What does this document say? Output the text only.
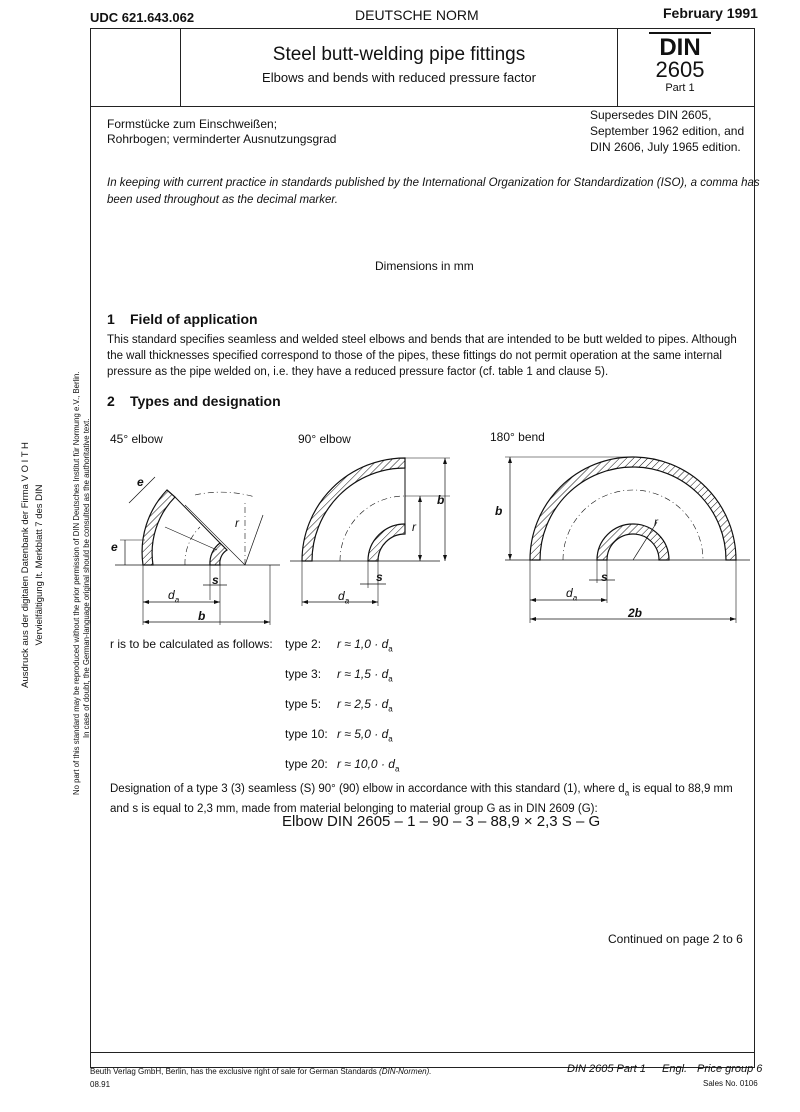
UDC 621.643.062	DEUTSCHE NORM	February 1991
Steel butt-welding pipe fittings
Elbows and bends with reduced pressure factor
DIN
2605
Part 1
Formstücke zum Einschweißen;
Rohrbogen; verminderter Ausnutzungsgrad
Supersedes DIN 2605,
September 1962 edition, and
DIN 2606, July 1965 edition.
In keeping with current practice in standards published by the International Organization for Standardization (ISO), a comma has
been used throughout as the decimal marker.
Dimensions in mm
1 Field of application
This standard specifies seamless and welded steel elbows and bends that are intended to be butt welded to pipes. Although
the wall thicknesses specified correspond to those of the pipes, these fittings do not permit operation at the same internal
pressure as the pipe welded on, i.e. they have a reduced pressure factor (cf. table 1 and clause 5).
2 Types and designation
45° elbow	90° elbow	180° bend
e
e
r
s
$d_a$
b
b
r
s
$d_a$
b
r
s
$d_a$
2b
r is to be calculated as follows: type 2: $r \approx 1,0 \cdot d_a$
type 3: $r \approx 1,5 \cdot d_a$
type 5: $r \approx 2,5 \cdot d_a$
type 10: $r \approx 5,0 \cdot d_a$
type 20: $r \approx 10,0 \cdot d_a$
Designation of a type 3 (3) seamless (S) 90° (90) elbow in accordance with this standard (1), where $d_a$ is equal to 88,9 mm
and s is equal to 2,3 mm, made from material belonging to material group G as in DIN 2609 (G):
Elbow DIN 2605 – 1 – 90 – 3 – 88,9 × 2,3 S – G
Continued on page 2 to 6
Beuth Verlag GmbH, Berlin, has the exclusive right of sale for German Standards (DIN-Normen).
08.91
DIN 2605 Part 1 Engl. Price group 6
Sales No. 0106
Ausdruck aus der digitalen Datenbank der Firma V O I T H Vervielfältigung lt. Merkblatt 7 des DIN	No part of this standard may be reproduced without the prior permission of DIN Deutsches Institut für Normung e.V., Berlin. In case of doubt, the German-language original should be consulted as the authoritative text.
